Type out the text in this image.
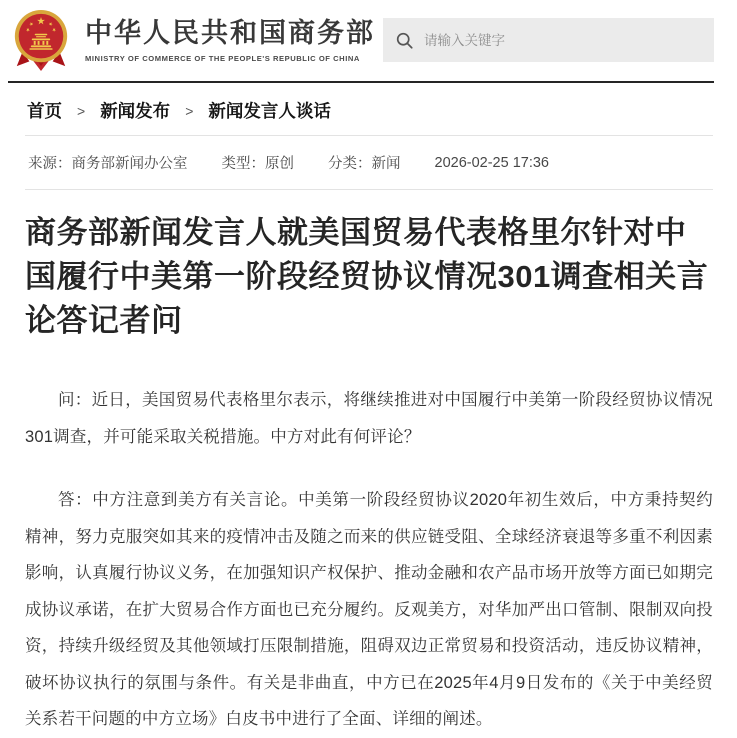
中华人民共和国商务部
MINISTRY OF COMMERCE OF THE PEOPLE'S REPUBLIC OF CHINA
请输入关键字
首页 > 新闻发布 > 新闻发言人谈话
来源：商务部新闻办公室 类型：原创 分类：新闻 2026-02-25 17:36
商务部新闻发言人就美国贸易代表格里尔针对中国履行中美第一阶段经贸协议情况301调查相关言论答记者问

问：近日，美国贸易代表格里尔表示，将继续推进对中国履行中美第一阶段经贸协议情况301调查，并可能采取关税措施。中方对此有何评论？

答：中方注意到美方有关言论。中美第一阶段经贸协议2020年初生效后，中方秉持契约精神，努力克服突如其来的疫情冲击及随之而来的供应链受阻、全球经济衰退等多重不利因素影响，认真履行协议义务，在加强知识产权保护、推动金融和农产品市场开放等方面已如期完成协议承诺，在扩大贸易合作方面也已充分履约。反观美方，对华加严出口管制、限制双向投资，持续升级经贸及其他领域打压限制措施，阻碍双边正常贸易和投资活动，违反协议精神，破坏协议执行的氛围与条件。有关是非曲直，中方已在2025年4月9日发布的《关于中美经贸关系若干问题的中方立场》白皮书中进行了全面、详细的阐述。
